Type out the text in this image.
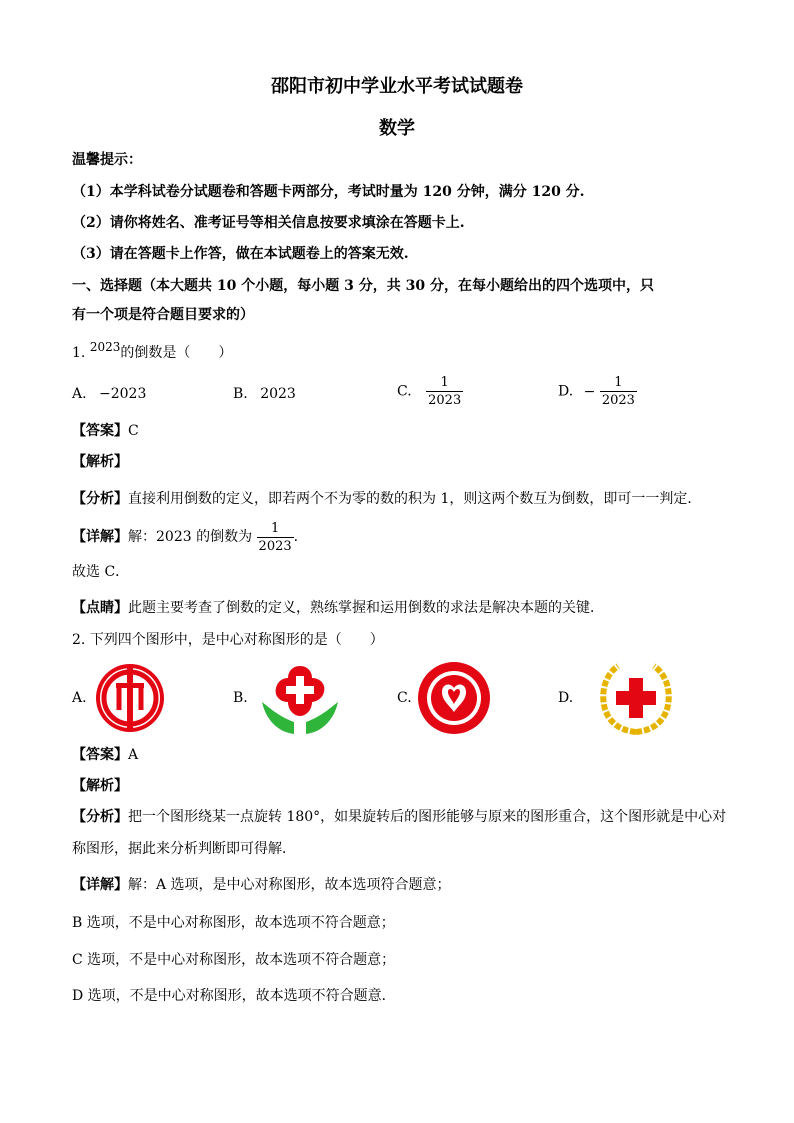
邵阳市初中学业水平考试试题卷
数学
温馨提示：
（1）本学科试卷分试题卷和答题卡两部分，考试时量为 120 分钟，满分 120 分.
（2）请你将姓名、准考证号等相关信息按要求填涂在答题卡上.
（3）请在答题卡上作答，做在本试题卷上的答案无效.
一、选择题（本大题共 10 个小题，每小题 3 分，共 30 分，在每小题给出的四个选项中，只
有一个项是符合题目要求的）
1. 2023的倒数是（　　）
A. −2023	B. 2023	C. $\frac{1}{2023}$	D. − $\frac{1}{2023}$
【答案】C
【解析】
【分析】直接利用倒数的定义，即若两个不为零的数的积为 1，则这两个数互为倒数，即可一一判定．
【详解】解：2023 的倒数为 $\frac{1}{2023}$ .
故选 C．
【点睛】此题主要考查了倒数的定义，熟练掌握和运用倒数的求法是解决本题的关键．
2. 下列四个图形中，是中心对称图形的是（　　）
A.	B.	C.	D.
【答案】A
【解析】
【分析】把一个图形绕某一点旋转 180°，如果旋转后的图形能够与原来的图形重合，这个图形就是中心对
称图形，据此来分析判断即可得解．
【详解】解：A 选项，是中心对称图形，故本选项符合题意；
B 选项，不是中心对称图形，故本选项不符合题意；
C 选项，不是中心对称图形，故本选项不符合题意；
D 选项，不是中心对称图形，故本选项不符合题意．
